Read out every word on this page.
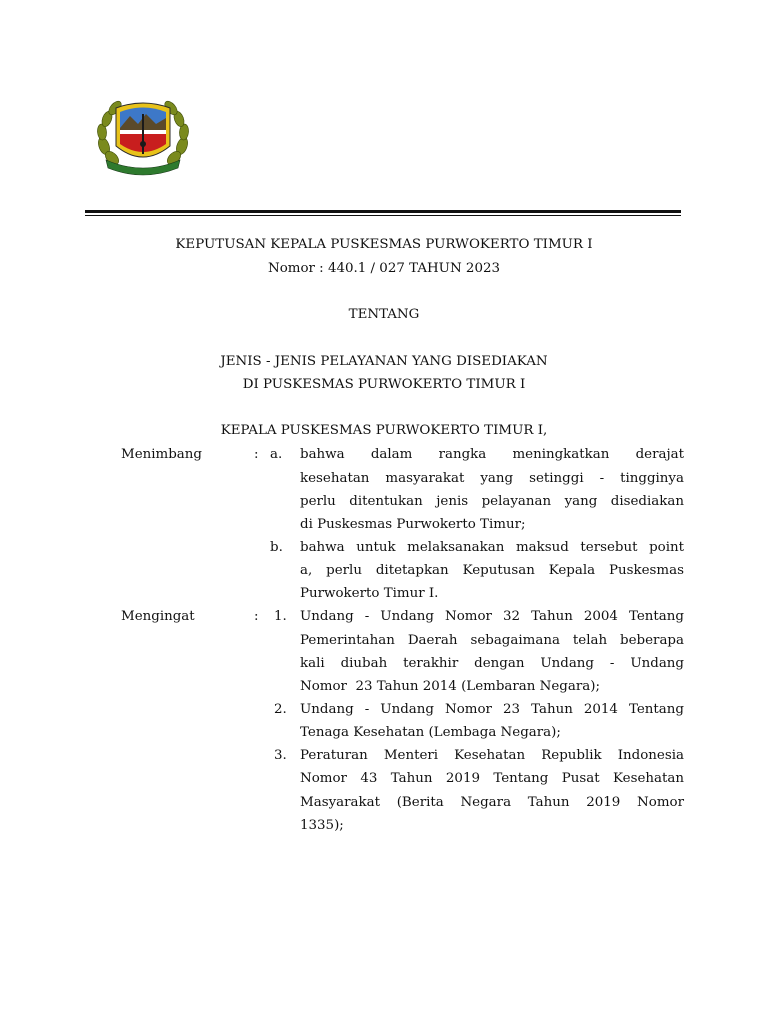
KEPUTUSAN KEPALA PUSKESMAS PURWOKERTO TIMUR I
Nomor : 440.1 / 027 TAHUN 2023
TENTANG
JENIS - JENIS PELAYANAN YANG DISEDIAKAN
DI PUSKESMAS PURWOKERTO TIMUR I
KEPALA PUSKESMAS PURWOKERTO TIMUR I,
Menimbang	: a. bahwa dalam rangka meningkatkan derajat
kesehatan masyarakat yang setinggi - tingginya
perlu ditentukan jenis pelayanan yang disediakan
di Puskesmas Purwokerto Timur;
b. bahwa untuk melaksanakan maksud tersebut point
a, perlu ditetapkan Keputusan Kepala Puskesmas
Purwokerto Timur I.
Mengingat	: 1. Undang - Undang Nomor 32 Tahun 2004 Tentang
Pemerintahan Daerah sebagaimana telah beberapa
kali diubah terakhir dengan Undang - Undang
Nomor  23 Tahun 2014 (Lembaran Negara);
2. Undang - Undang Nomor 23 Tahun 2014 Tentang
Tenaga Kesehatan (Lembaga Negara);
3. Peraturan Menteri Kesehatan Republik Indonesia
Nomor 43 Tahun 2019 Tentang Pusat Kesehatan
Masyarakat (Berita Negara Tahun 2019 Nomor
1335);
